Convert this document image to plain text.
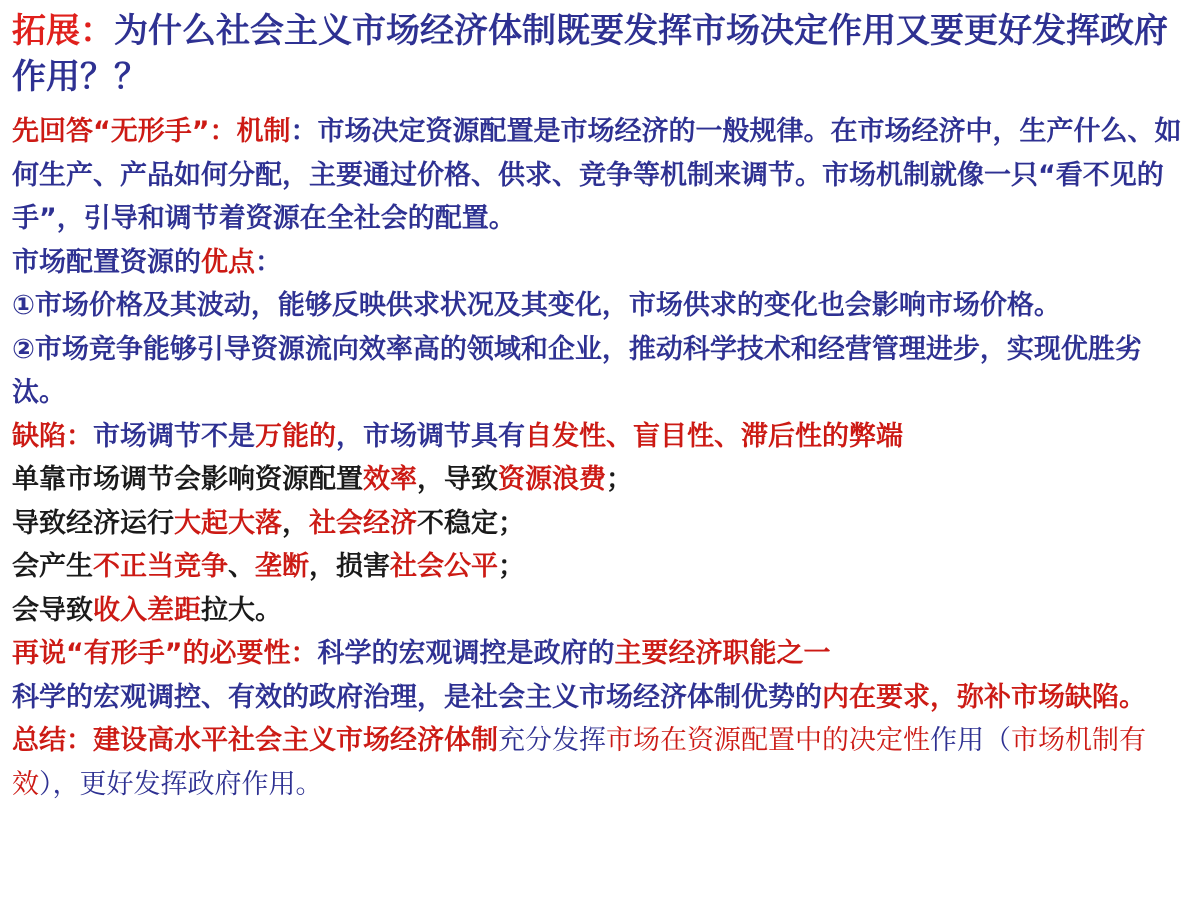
拓展：为什么社会主义市场经济体制既要发挥市场决定作用又要更好发挥政府作用？？
先回答“无形手”：机制：市场决定资源配置是市场经济的一般规律。在市场经济中，生产什么、如何生产、产品如何分配，主要通过价格、供求、竞争等机制来调节。市场机制就像一只“看不见的手”，引导和调节着资源在全社会的配置。
市场配置资源的优点：
①市场价格及其波动，能够反映供求状况及其变化，市场供求的变化也会影响市场价格。
②市场竞争能够引导资源流向效率高的领域和企业，推动科学技术和经营管理进步，实现优胜劣汰。
缺陷：市场调节不是万能的，市场调节具有自发性、盲目性、滞后性的弊端
单靠市场调节会影响资源配置效率，导致资源浪费；
导致经济运行大起大落，社会经济不稳定；
会产生不正当竞争、垄断，损害社会公平；
会导致收入差距拉大。
再说“有形手”的必要性：科学的宏观调控是政府的主要经济职能之一
科学的宏观调控、有效的政府治理，是社会主义市场经济体制优势的内在要求，弥补市场缺陷。
总结：建设高水平社会主义市场经济体制充分发挥市场在资源配置中的决定性作用（市场机制有效），更好发挥政府作用。
